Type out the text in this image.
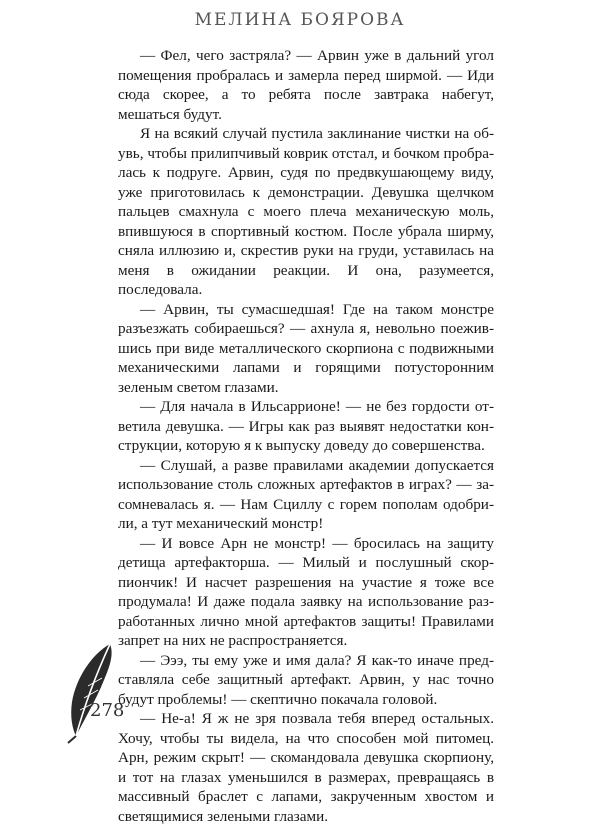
МЕЛИНА БОЯРОВА

— Фел, чего застряла? — Арвин уже в дальний угол помещения пробралась и замерла перед ширмой. — Иди сюда скорее, а то ребята после завтрака набегут, мешаться будут.

Я на всякий случай пустила заклинание чистки на обувь, чтобы прилипчивый коврик отстал, и бочком пробралась к подруге. Арвин, судя по предвкушающему виду, уже приготовилась к демонстрации. Девушка щелчком пальцев смахнула с моего плеча механическую моль, впившуюся в спортивный костюм. После убрала ширму, сняла иллюзию и, скрестив руки на груди, уставилась на меня в ожидании реакции. И она, разумеется, последовала.

— Арвин, ты сумасшедшая! Где на таком монстре разъезжать собираешься? — ахнула я, невольно поежившись при виде металлического скорпиона с подвижными механическими лапами и горящими потусторонним зеленым светом глазами.

— Для начала в Ильсаррионе! — не без гордости ответила девушка. — Игры как раз выявят недостатки конструкции, которую я к выпуску доведу до совершенства.

— Слушай, а разве правилами академии допускается использование столь сложных артефактов в играх? — засомневалась я. — Нам Сциллу с горем пополам одобрили, а тут механический монстр!

— И вовсе Арн не монстр! — бросилась на защиту детища артефакторша. — Милый и послушный скорпиончик! И насчет разрешения на участие я тоже все продумала! И даже подала заявку на использование разработанных лично мной артефактов защиты! Правилами запрет на них не распространяется.

— Эээ, ты ему уже и имя дала? Я как-то иначе представляла себе защитный артефакт. Арвин, у нас точно будут проблемы! — скептично покачала головой.

— Не-а! Я ж не зря позвала тебя вперед остальных. Хочу, чтобы ты видела, на что способен мой питомец. Арн, режим скрыт! — скомандовала девушка скорпиону, и тот на глазах уменьшился в размерах, превращаясь в массивный браслет с лапами, закрученным хвостом и светящимися зелеными глазами.

278
